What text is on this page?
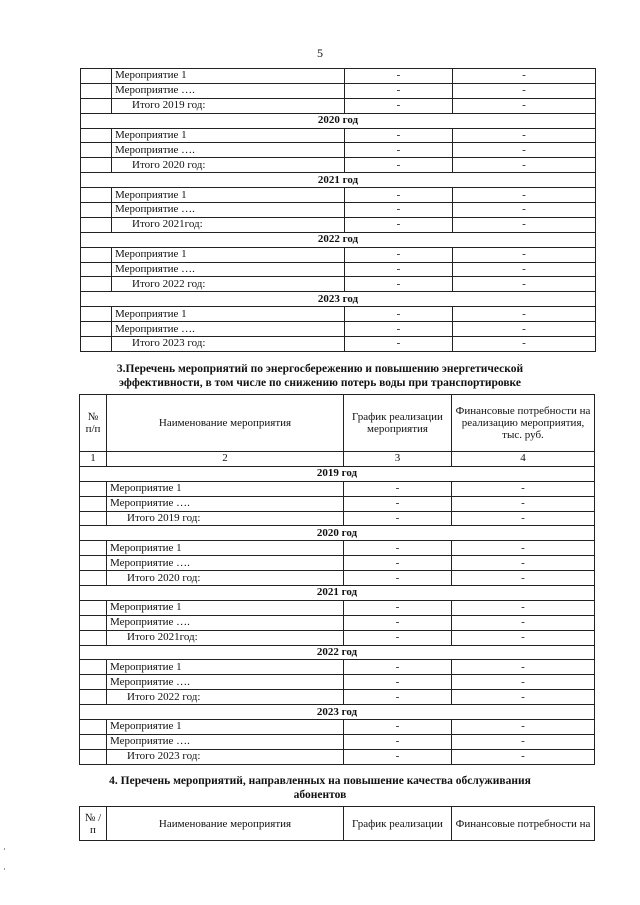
5
	Мероприятие 1	-	-
	Мероприятие ….	-	-
	Итого 2019 год:	-	-
2020 год			
	Мероприятие 1	-	-
	Мероприятие ….	-	-
	Итого 2020 год:	-	-
2021 год			
	Мероприятие 1	-	-
	Мероприятие ….	-	-
	Итого 2021год:	-	-
2022 год			
	Мероприятие 1	-	-
	Мероприятие ….	-	-
	Итого 2022 год:	-	-
2023 год			
	Мероприятие 1	-	-
	Мероприятие ….	-	-
	Итого 2023 год:	-	-
3.Перечень мероприятий по энергосбережению и повышению энергетической
эффективности, в том числе по снижению потерь воды при транспортировке
№ п/п	Наименование мероприятия	График реализации мероприятия	Финансовые потребности на реализацию мероприятия, тыс. руб.
1	2	3	4
2019 год			
	Мероприятие 1	-	-
	Мероприятие ….	-	-
	Итого 2019 год:	-	-
2020 год			
	Мероприятие 1	-	-
	Мероприятие ….	-	-
	Итого 2020 год:	-	-
2021 год			
	Мероприятие 1	-	-
	Мероприятие ….	-	-
	Итого 2021год:	-	-
2022 год			
	Мероприятие 1	-	-
	Мероприятие ….	-	-
	Итого 2022 год:	-	-
2023 год			
	Мероприятие 1	-	-
	Мероприятие ….	-	-
	Итого 2023 год:	-	-
4. Перечень мероприятий, направленных на повышение качества обслуживания
абонентов
№ /п	Наименование мероприятия	График реализации	Финансовые потребности на
